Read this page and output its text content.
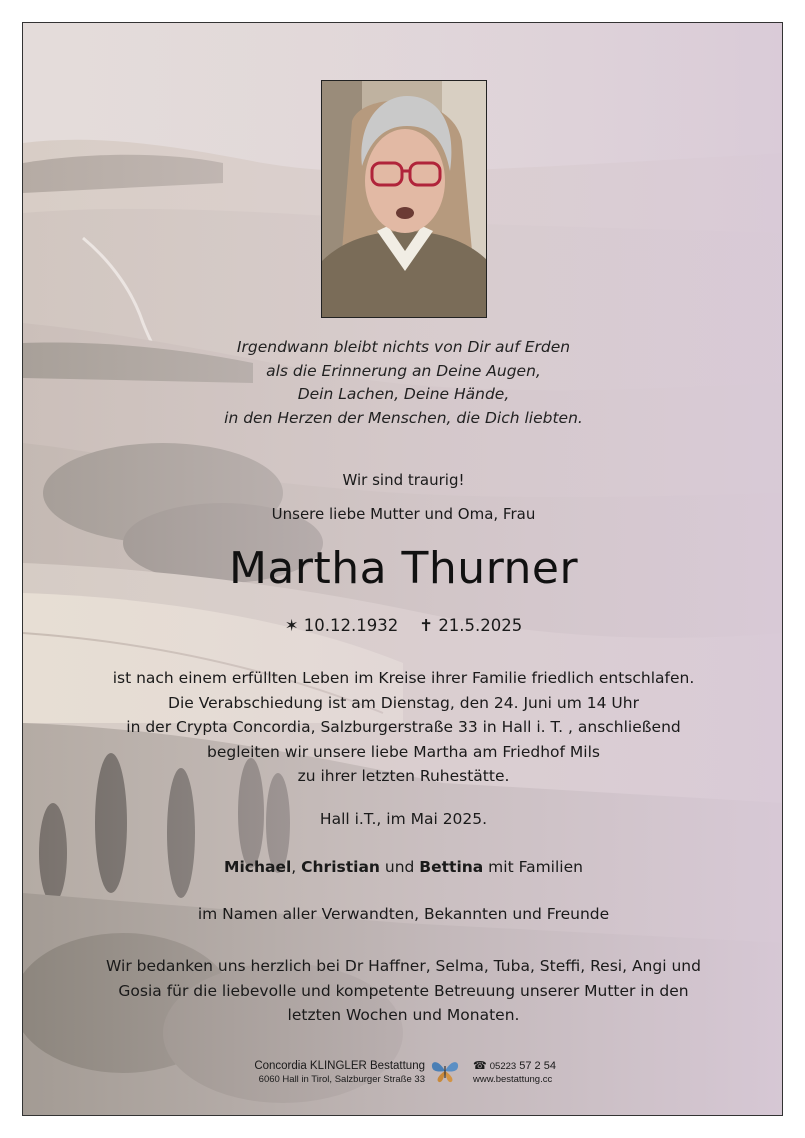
Irgendwann bleibt nichts von Dir auf Erden
als die Erinnerung an Deine Augen,
Dein Lachen, Deine Hände,
in den Herzen der Menschen, die Dich liebten.
Wir sind traurig!
Unsere liebe Mutter und Oma, Frau
Martha Thurner
✶ 10.12.1932 ✝ 21.5.2025
ist nach einem erfüllten Leben im Kreise ihrer Familie friedlich entschlafen.
Die Verabschiedung ist am Dienstag, den 24. Juni um 14 Uhr
in der Crypta Concordia, Salzburgerstraße 33 in Hall i. T. , anschließend
begleiten wir unsere liebe Martha am Friedhof Mils
zu ihrer letzten Ruhestätte.
Hall i.T., im Mai 2025.
Michael, Christian und Bettina mit Familien
im Namen aller Verwandten, Bekannten und Freunde
Wir bedanken uns herzlich bei Dr Haffner, Selma, Tuba, Steffi, Resi, Angi und
Gosia für die liebevolle und kompetente Betreuung unserer Mutter in den
letzten Wochen und Monaten.
Concordia KLINGLER Bestattung
6060 Hall in Tirol, Salzburger Straße 33
☎ 05223 57 2 54
www.bestattung.cc
